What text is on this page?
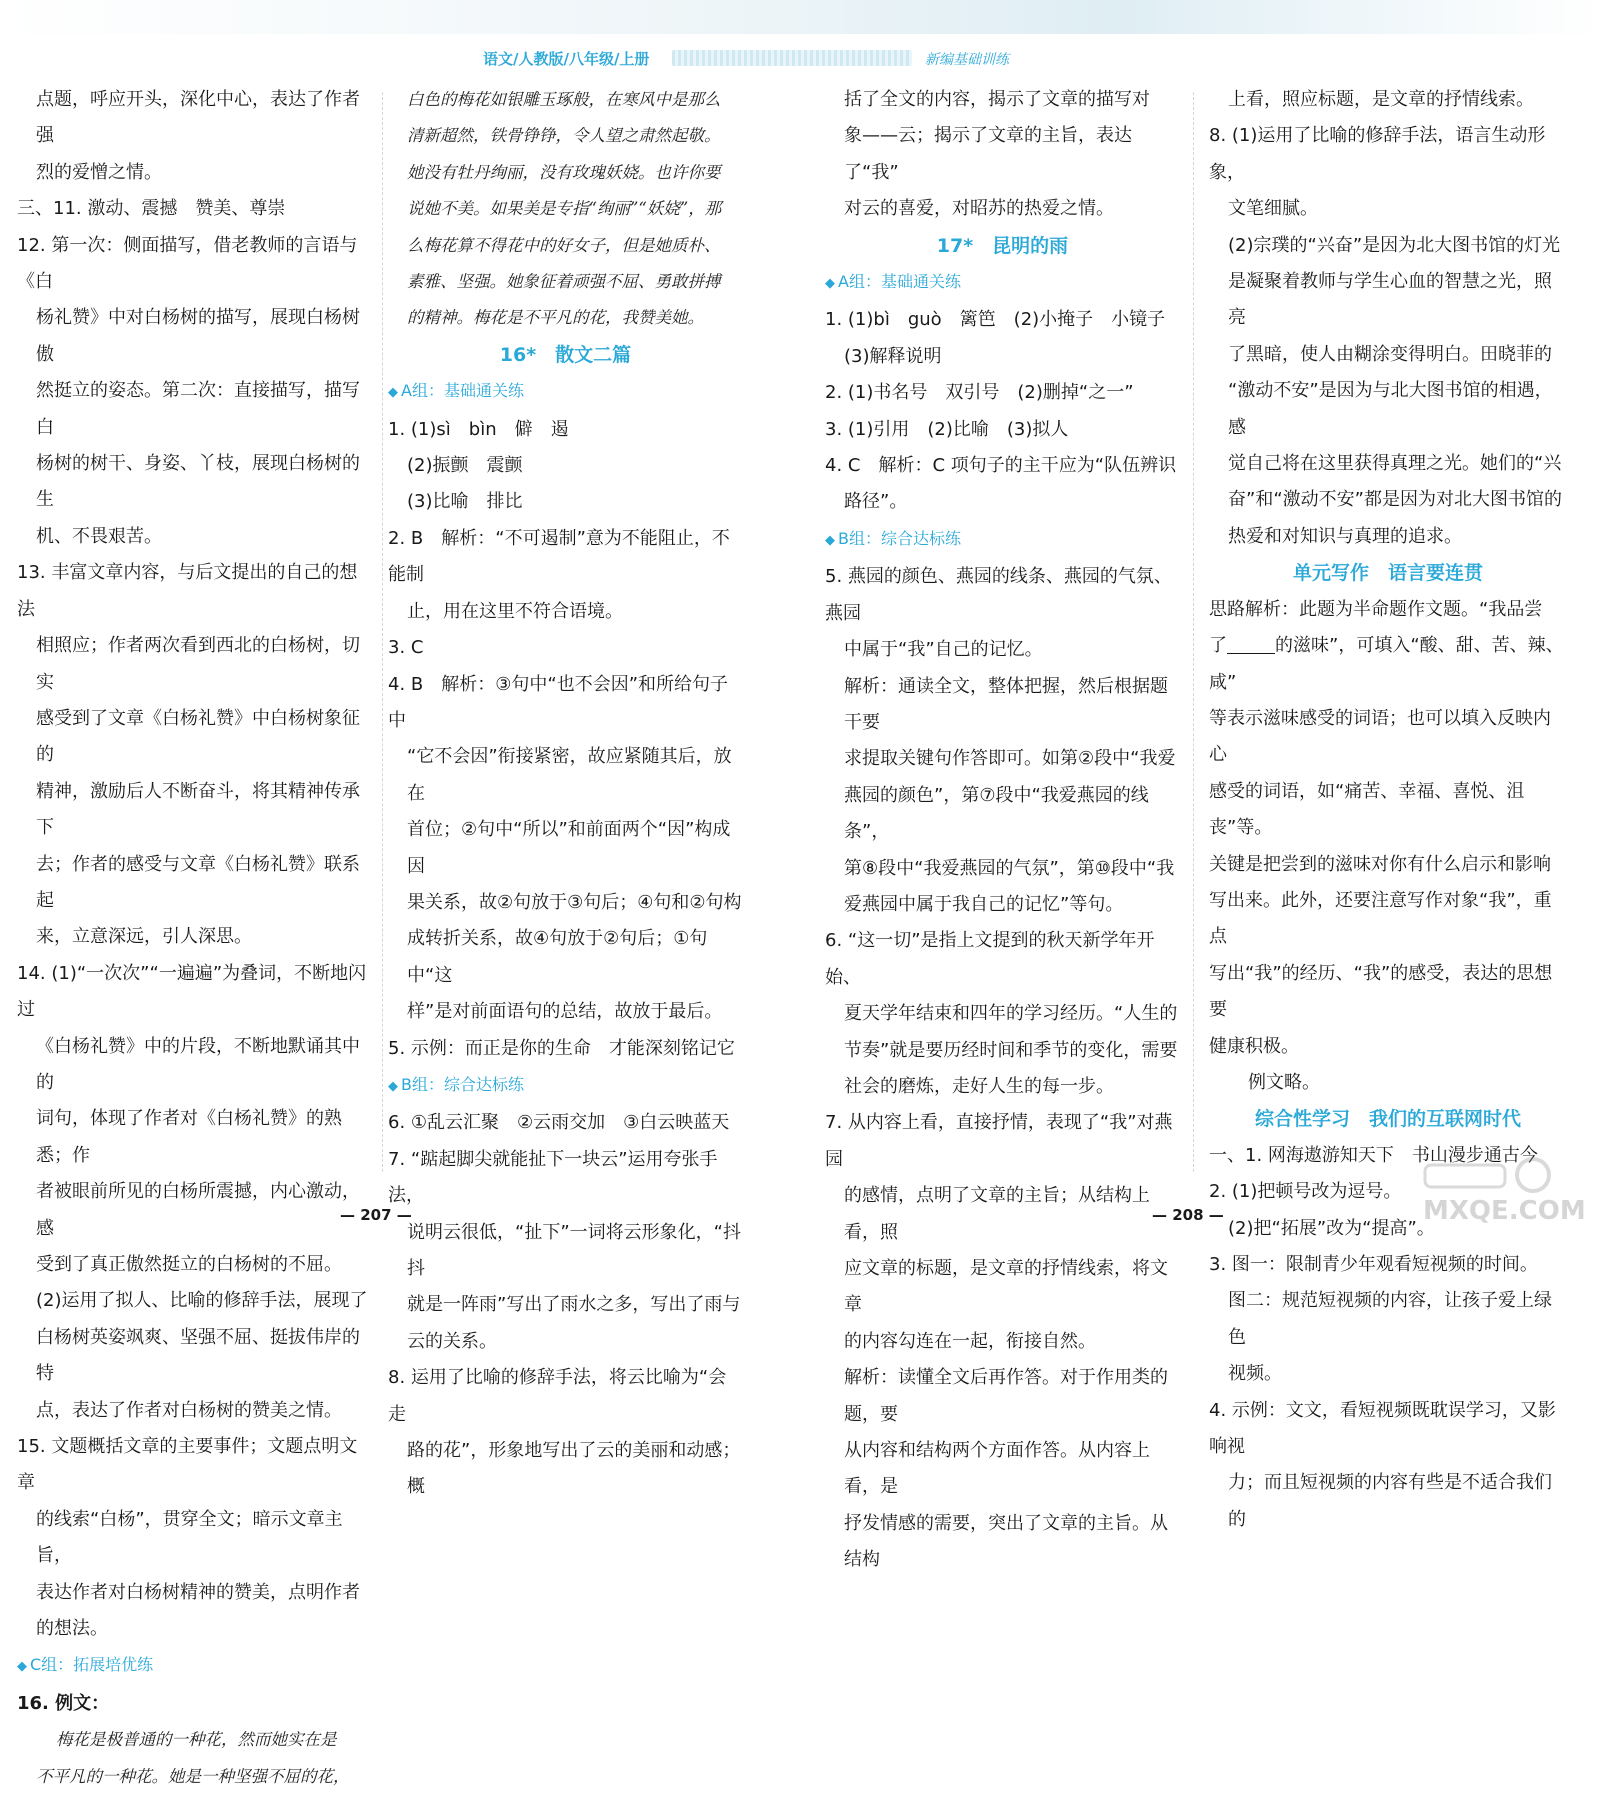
语文/人教版/八年级/上册	新编基础训练

点题，呼应开头，深化中心，表达了作者强

烈的爱憎之情。

三、11. 激动、震撼　赞美、尊崇

12. 第一次：侧面描写，借老教师的言语与《白

杨礼赞》中对白杨树的描写，展现白杨树傲

然挺立的姿态。第二次：直接描写，描写白

杨树的树干、身姿、丫枝，展现白杨树的生

机、不畏艰苦。

13. 丰富文章内容，与后文提出的自己的想法

相照应；作者两次看到西北的白杨树，切实

感受到了文章《白杨礼赞》中白杨树象征的

精神，激励后人不断奋斗，将其精神传承下

去；作者的感受与文章《白杨礼赞》联系起

来，立意深远，引人深思。

14. (1)“一次次”“一遍遍”为叠词，不断地闪过

《白杨礼赞》中的片段，不断地默诵其中的

词句，体现了作者对《白杨礼赞》的熟悉；作

者被眼前所见的白杨所震撼，内心激动，感

受到了真正傲然挺立的白杨树的不屈。

(2)运用了拟人、比喻的修辞手法，展现了

白杨树英姿飒爽、坚强不屈、挺拔伟岸的特

点，表达了作者对白杨树的赞美之情。

15. 文题概括文章的主要事件；文题点明文章

的线索“白杨”，贯穿全文；暗示文章主旨，

表达作者对白杨树精神的赞美，点明作者

的想法。

◆ C组：拓展培优练

16. 例文：

梅花是极普通的一种花，然而她实在是

不平凡的一种花。她是一种坚强不屈的花，

白色的梅花如银雕玉琢般，在寒风中是那么

清新超然，铁骨铮铮，令人望之肃然起敬。

她没有牡丹绚丽，没有玫瑰妖娆。也许你要

说她不美。如果美是专指“绚丽”“妖娆”，那

么梅花算不得花中的好女子，但是她质朴、

素雅、坚强。她象征着顽强不屈、勇敢拼搏

的精神。梅花是不平凡的花，我赞美她。

16*　散文二篇

◆ A组：基础通关练

1. (1)sì　bìn　僻　遏

(2)振颤　震颤

(3)比喻　排比

2. B　解析：“不可遏制”意为不能阻止，不能制

止，用在这里不符合语境。

3. C

4. B　解析：③句中“也不会因”和所给句子中

“它不会因”衔接紧密，故应紧随其后，放在

首位；②句中“所以”和前面两个“因”构成因

果关系，故②句放于③句后；④句和②句构

成转折关系，故④句放于②句后；①句中“这

样”是对前面语句的总结，故放于最后。

5. 示例：而正是你的生命　才能深刻铭记它

◆ B组：综合达标练

6. ①乱云汇聚　②云雨交加　③白云映蓝天

7. “踮起脚尖就能扯下一块云”运用夸张手法，

说明云很低，“扯下”一词将云形象化，“抖抖

就是一阵雨”写出了雨水之多，写出了雨与

云的关系。

8. 运用了比喻的修辞手法，将云比喻为“会走

路的花”，形象地写出了云的美丽和动感；概

括了全文的内容，揭示了文章的描写对

象——云；揭示了文章的主旨，表达了“我”

对云的喜爱，对昭苏的热爱之情。

17*　昆明的雨

◆ A组：基础通关练

1. (1)bì　guò　篱笆　(2)小掩子　小镜子

(3)解释说明

2. (1)书名号　双引号　(2)删掉“之一”

3. (1)引用　(2)比喻　(3)拟人

4. C　解析：C 项句子的主干应为“队伍辨识

路径”。

◆ B组：综合达标练

5. 燕园的颜色、燕园的线条、燕园的气氛、燕园

中属于“我”自己的记忆。

解析：通读全文，整体把握，然后根据题干要

求提取关键句作答即可。如第②段中“我爱

燕园的颜色”，第⑦段中“我爱燕园的线条”，

第⑧段中“我爱燕园的气氛”，第⑩段中“我

爱燕园中属于我自己的记忆”等句。

6. “这一切”是指上文提到的秋天新学年开始、

夏天学年结束和四年的学习经历。“人生的

节奏”就是要历经时间和季节的变化，需要

社会的磨炼，走好人生的每一步。

7. 从内容上看，直接抒情，表现了“我”对燕园

的感情，点明了文章的主旨；从结构上看，照

应文章的标题，是文章的抒情线索，将文章

的内容勾连在一起，衔接自然。

解析：读懂全文后再作答。对于作用类的题，要

从内容和结构两个方面作答。从内容上看，是

抒发情感的需要，突出了文章的主旨。从结构

上看，照应标题，是文章的抒情线索。

8. (1)运用了比喻的修辞手法，语言生动形象，

文笔细腻。

(2)宗璞的“兴奋”是因为北大图书馆的灯光

是凝聚着教师与学生心血的智慧之光，照亮

了黑暗，使人由糊涂变得明白。田晓菲的

“激动不安”是因为与北大图书馆的相遇，感

觉自己将在这里获得真理之光。她们的“兴

奋”和“激动不安”都是因为对北大图书馆的

热爱和对知识与真理的追求。

单元写作　语言要连贯

思路解析：此题为半命题作文题。“我品尝

了	的滋味”，可填入“酸、甜、苦、辣、咸”

等表示滋味感受的词语；也可以填入反映内心

感受的词语，如“痛苦、幸福、喜悦、沮丧”等。

关键是把尝到的滋味对你有什么启示和影响

写出来。此外，还要注意写作对象“我”，重点

写出“我”的经历、“我”的感受，表达的思想要

健康积极。

例文略。

综合性学习　我们的互联网时代

一、1. 网海遨游知天下　书山漫步通古今

2. (1)把顿号改为逗号。

(2)把“拓展”改为“提高”。

3. 图一：限制青少年观看短视频的时间。

图二：规范短视频的内容，让孩子爱上绿色

视频。

4. 示例：文文，看短视频既耽误学习，又影响视

力；而且短视频的内容有些是不适合我们的

— 207 —	— 208 —	MXQE.COM
